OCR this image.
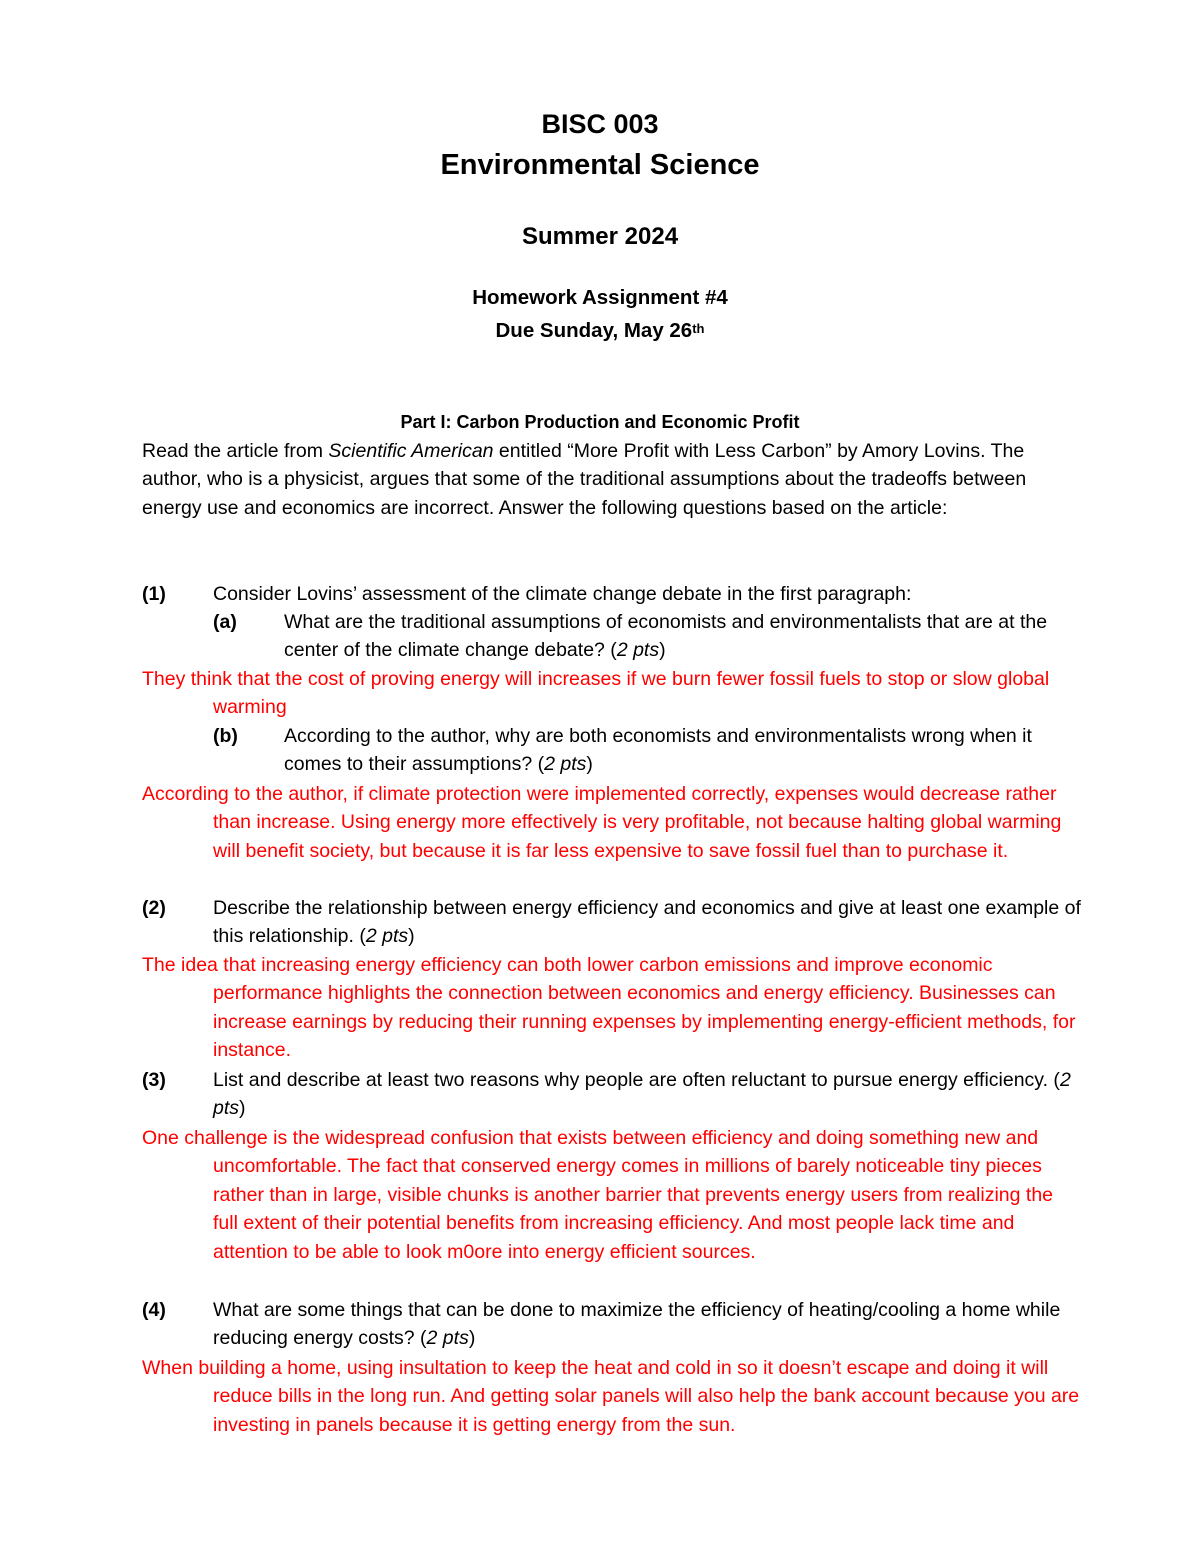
BISC 003
Environmental Science
Summer 2024
Homework Assignment #4
Due Sunday, May 26th
Part I: Carbon Production and Economic Profit

Read the article from Scientific American entitled “More Profit with Less Carbon” by Amory Lovins. The author, who is a physicist, argues that some of the traditional assumptions about the tradeoffs between energy use and economics are incorrect. Answer the following questions based on the article:

(1) Consider Lovins’ assessment of the climate change debate in the first paragraph:
(a) What are the traditional assumptions of economists and environmentalists that are at the center of the climate change debate? (2 pts)
They think that the cost of proving energy will increases if we burn fewer fossil fuels to stop or slow global warming
(b) According to the author, why are both economists and environmentalists wrong when it comes to their assumptions? (2 pts)
According to the author, if climate protection were implemented correctly, expenses would decrease rather than increase. Using energy more effectively is very profitable, not because halting global warming will benefit society, but because it is far less expensive to save fossil fuel than to purchase it.
(2) Describe the relationship between energy efficiency and economics and give at least one example of this relationship. (2 pts)
The idea that increasing energy efficiency can both lower carbon emissions and improve economic performance highlights the connection between economics and energy efficiency. Businesses can increase earnings by reducing their running expenses by implementing energy-efficient methods, for instance.
(3) List and describe at least two reasons why people are often reluctant to pursue energy efficiency. (2 pts)
One challenge is the widespread confusion that exists between efficiency and doing something new and uncomfortable. The fact that conserved energy comes in millions of barely noticeable tiny pieces rather than in large, visible chunks is another barrier that prevents energy users from realizing the full extent of their potential benefits from increasing efficiency. And most people lack time and attention to be able to look m0ore into energy efficient sources.
(4) What are some things that can be done to maximize the efficiency of heating/cooling a home while reducing energy costs? (2 pts)
When building a home, using insultation to keep the heat and cold in so it doesn’t escape and doing it will reduce bills in the long run. And getting solar panels will also help the bank account because you are investing in panels because it is getting energy from the sun.
